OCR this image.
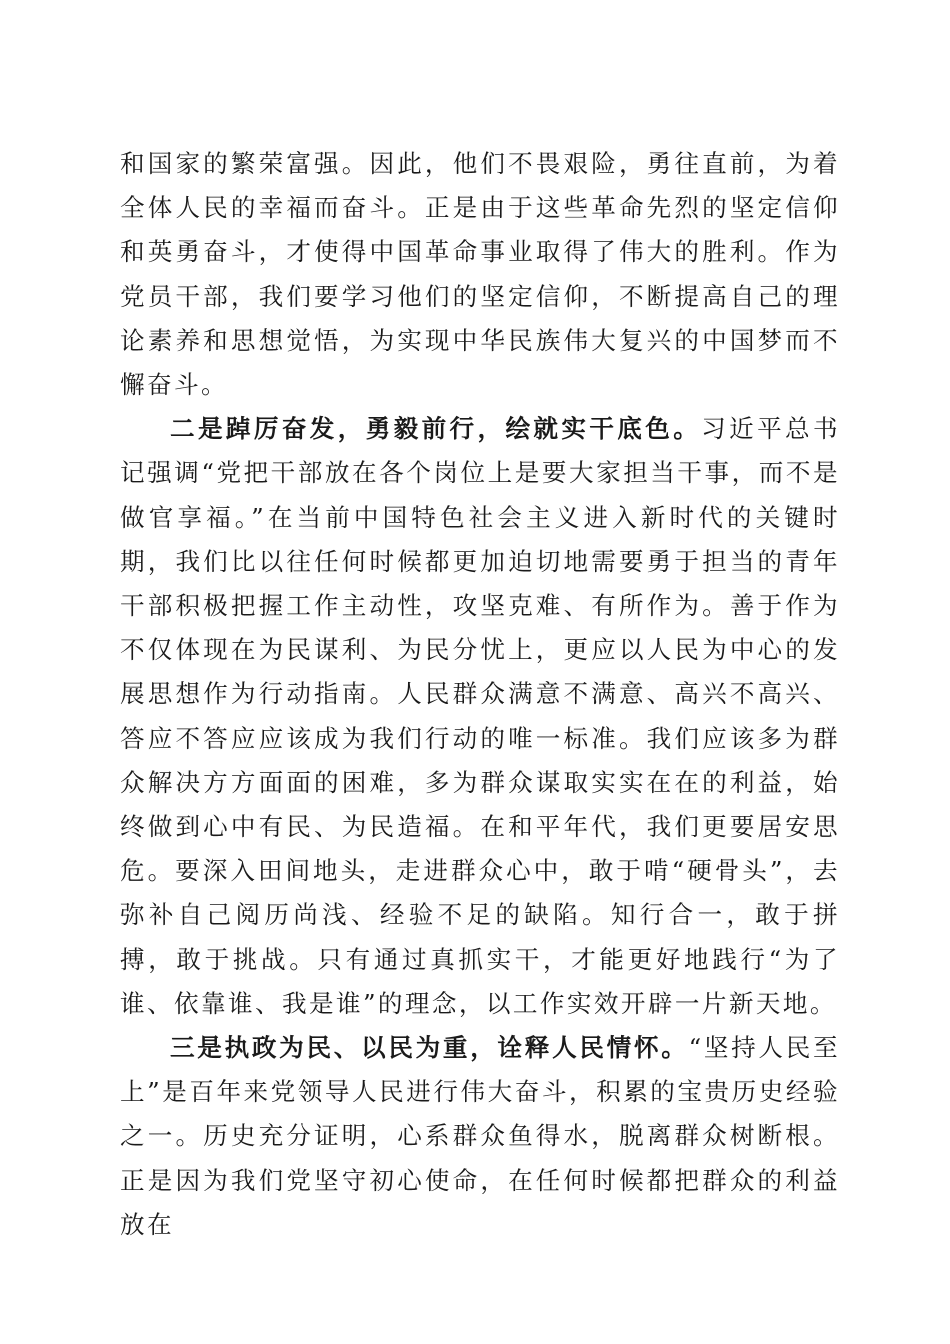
和国家的繁荣富强。因此，他们不畏艰险，勇往直前，为着全体人民的幸福而奋斗。正是由于这些革命先烈的坚定信仰和英勇奋斗，才使得中国革命事业取得了伟大的胜利。作为党员干部，我们要学习他们的坚定信仰，不断提高自己的理论素养和思想觉悟，为实现中华民族伟大复兴的中国梦而不懈奋斗。

二是踔厉奋发，勇毅前行，绘就实干底色。习近平总书记强调“党把干部放在各个岗位上是要大家担当干事，而不是做官享福。”在当前中国特色社会主义进入新时代的关键时期，我们比以往任何时候都更加迫切地需要勇于担当的青年干部积极把握工作主动性，攻坚克难、有所作为。善于作为不仅体现在为民谋利、为民分忧上，更应以人民为中心的发展思想作为行动指南。人民群众满意不满意、高兴不高兴、答应不答应应该成为我们行动的唯一标准。我们应该多为群众解决方方面面的困难，多为群众谋取实实在在的利益，始终做到心中有民、为民造福。在和平年代，我们更要居安思危。要深入田间地头，走进群众心中，敢于啃“硬骨头”，去弥补自己阅历尚浅、经验不足的缺陷。知行合一，敢于拼搏，敢于挑战。只有通过真抓实干，才能更好地践行“为了谁、依靠谁、我是谁”的理念，以工作实效开辟一片新天地。

三是执政为民、以民为重，诠释人民情怀。“坚持人民至上”是百年来党领导人民进行伟大奋斗，积累的宝贵历史经验之一。历史充分证明，心系群众鱼得水，脱离群众树断根。正是因为我们党坚守初心使命，在任何时候都把群众的利益放在
